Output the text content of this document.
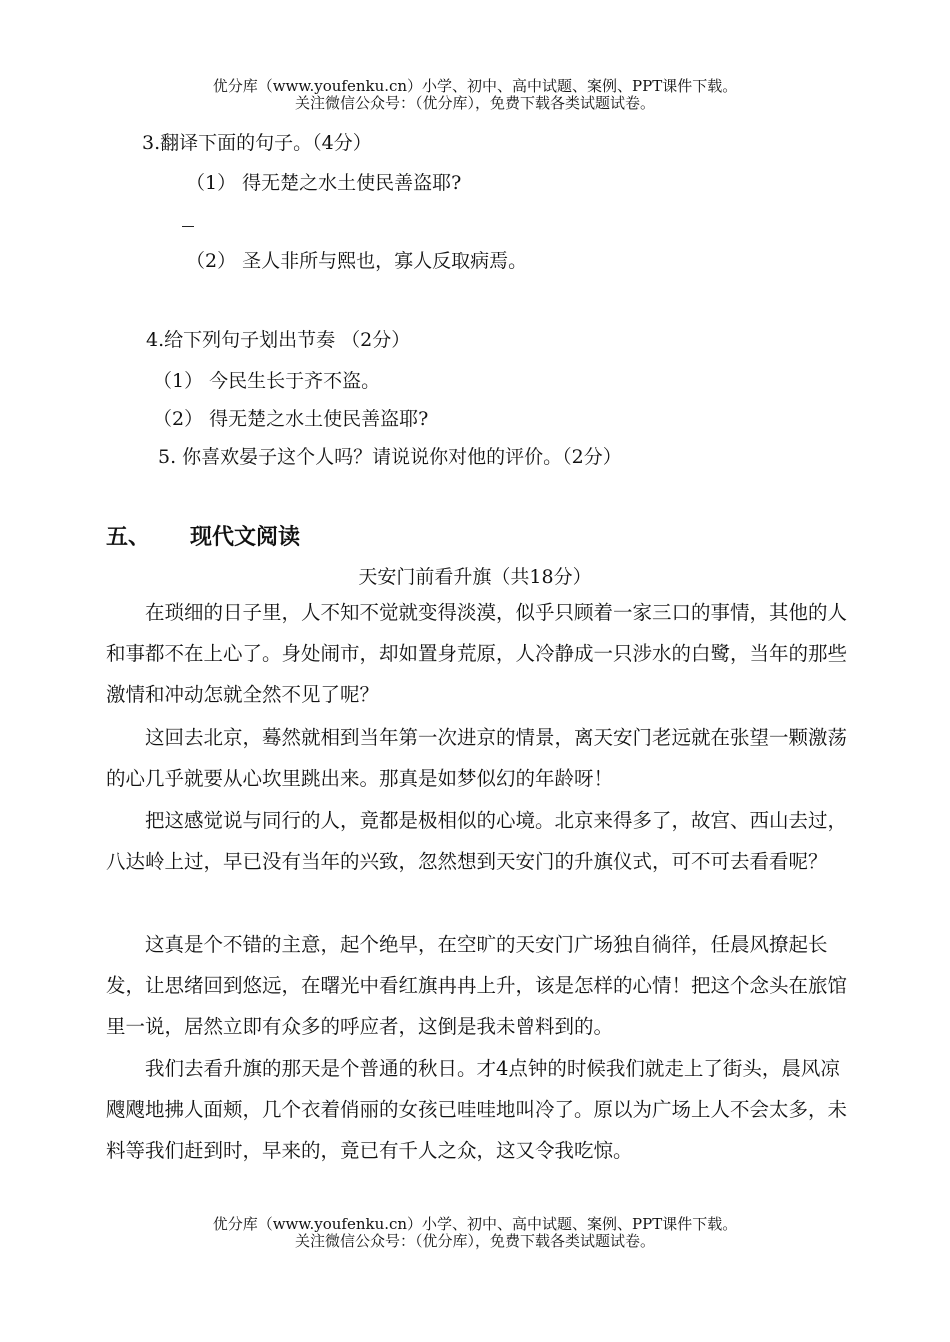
优分库（www.youfenku.cn）小学、初中、高中试题、案例、PPT课件下载。
关注微信公众号：（优分库），免费下载各类试题试卷。
3.翻译下面的句子。（4分）
（1） 得无楚之水土使民善盗耶?
（2） 圣人非所与熙也，寡人反取病焉。
4.给下列句子划出节奏 （2分）
（1） 今民生长于齐不盗。
（2） 得无楚之水土使民善盗耶?
5. 你喜欢晏子这个人吗？请说说你对他的评价。（2分）
五、 现代文阅读
天安门前看升旗（共18分）
在琐细的日子里，人不知不觉就变得淡漠，似乎只顾着一家三口的事情，其他的人和事都不在上心了。身处闹市，却如置身荒原，人冷静成一只涉水的白鹭，当年的那些激情和冲动怎就全然不见了呢？
这回去北京，蓦然就相到当年第一次进京的情景，离天安门老远就在张望一颗激荡的心几乎就要从心坎里跳出来。那真是如梦似幻的年龄呀！
把这感觉说与同行的人，竟都是极相似的心境。北京来得多了，故宫、西山去过，八达岭上过，早已没有当年的兴致，忽然想到天安门的升旗仪式，可不可去看看呢？
这真是个不错的主意，起个绝早，在空旷的天安门广场独自徜徉，任晨风撩起长发，让思绪回到悠远，在曙光中看红旗冉冉上升，该是怎样的心情！把这个念头在旅馆里一说，居然立即有众多的呼应者，这倒是我未曾料到的。
我们去看升旗的那天是个普通的秋日。才4点钟的时候我们就走上了街头，晨风凉飕飕地拂人面颊，几个衣着俏丽的女孩已哇哇地叫冷了。原以为广场上人不会太多，未料等我们赶到时，早来的，竟已有千人之众，这又令我吃惊。
优分库（www.youfenku.cn）小学、初中、高中试题、案例、PPT课件下载。
关注微信公众号：（优分库），免费下载各类试题试卷。
